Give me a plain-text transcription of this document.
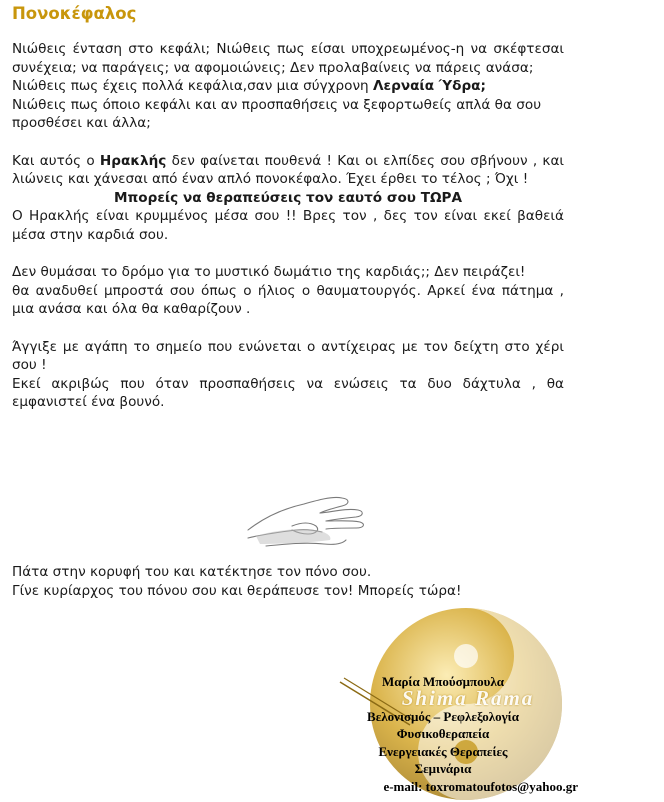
Πονοκέφαλος

Νιώθεις ένταση στο κεφάλι; Νιώθεις πως είσαι υποχρεωμένος-η να σκέφτεσαι συνέχεια; να παράγεις; να αφομοιώνεις; Δεν προλαβαίνεις να πάρεις ανάσα;

Νιώθεις πως έχεις πολλά κεφάλια,σαν μια σύγχρονη Λερναία Ύδρα;

Νιώθεις πως όποιο κεφάλι και αν προσπαθήσεις να ξεφορτωθείς απλά θα σου προσθέσει και άλλα;

Και αυτός ο Ηρακλής δεν φαίνεται πουθενά ! Και οι ελπίδες σου σβήνουν , και λιώνεις και χάνεσαι από έναν απλό πονοκέφαλο. Έχει έρθει το τέλος ; Όχι !

Μπορείς να θεραπεύσεις τον εαυτό σου ΤΩΡΑ

Ο Ηρακλής είναι κρυμμένος μέσα σου !! Βρες τον , δες τον είναι εκεί βαθειά μέσα στην καρδιά σου.

Δεν θυμάσαι το δρόμο για το μυστικό δωμάτιο της καρδιάς;; Δεν πειράζει!

θα αναδυθεί μπροστά σου όπως ο ήλιος ο θαυματουργός. Αρκεί ένα πάτημα , μια ανάσα και όλα θα καθαρίζουν .

Άγγιξε με αγάπη το σημείο που ενώνεται ο αντίχειρας με τον δείχτη στο χέρι σου !

Εκεί ακριβώς που όταν προσπαθήσεις να ενώσεις τα δυο δάχτυλα , θα εμφανιστεί ένα βουνό.

Πάτα στην κορυφή του και κατέκτησε τον πόνο σου.

Γίνε κυρίαρχος του πόνου σου και θεράπευσε τον! Μπορείς τώρα!

Shima Rama
Μαρία Μπούσμπουλα
Βελονισμός – Ρεφλεξολογία
Φυσικοθεραπεία
Ενεργειακές Θεραπείες
Σεμινάρια
e-mail: toxromatoufotos@yahoo.gr
